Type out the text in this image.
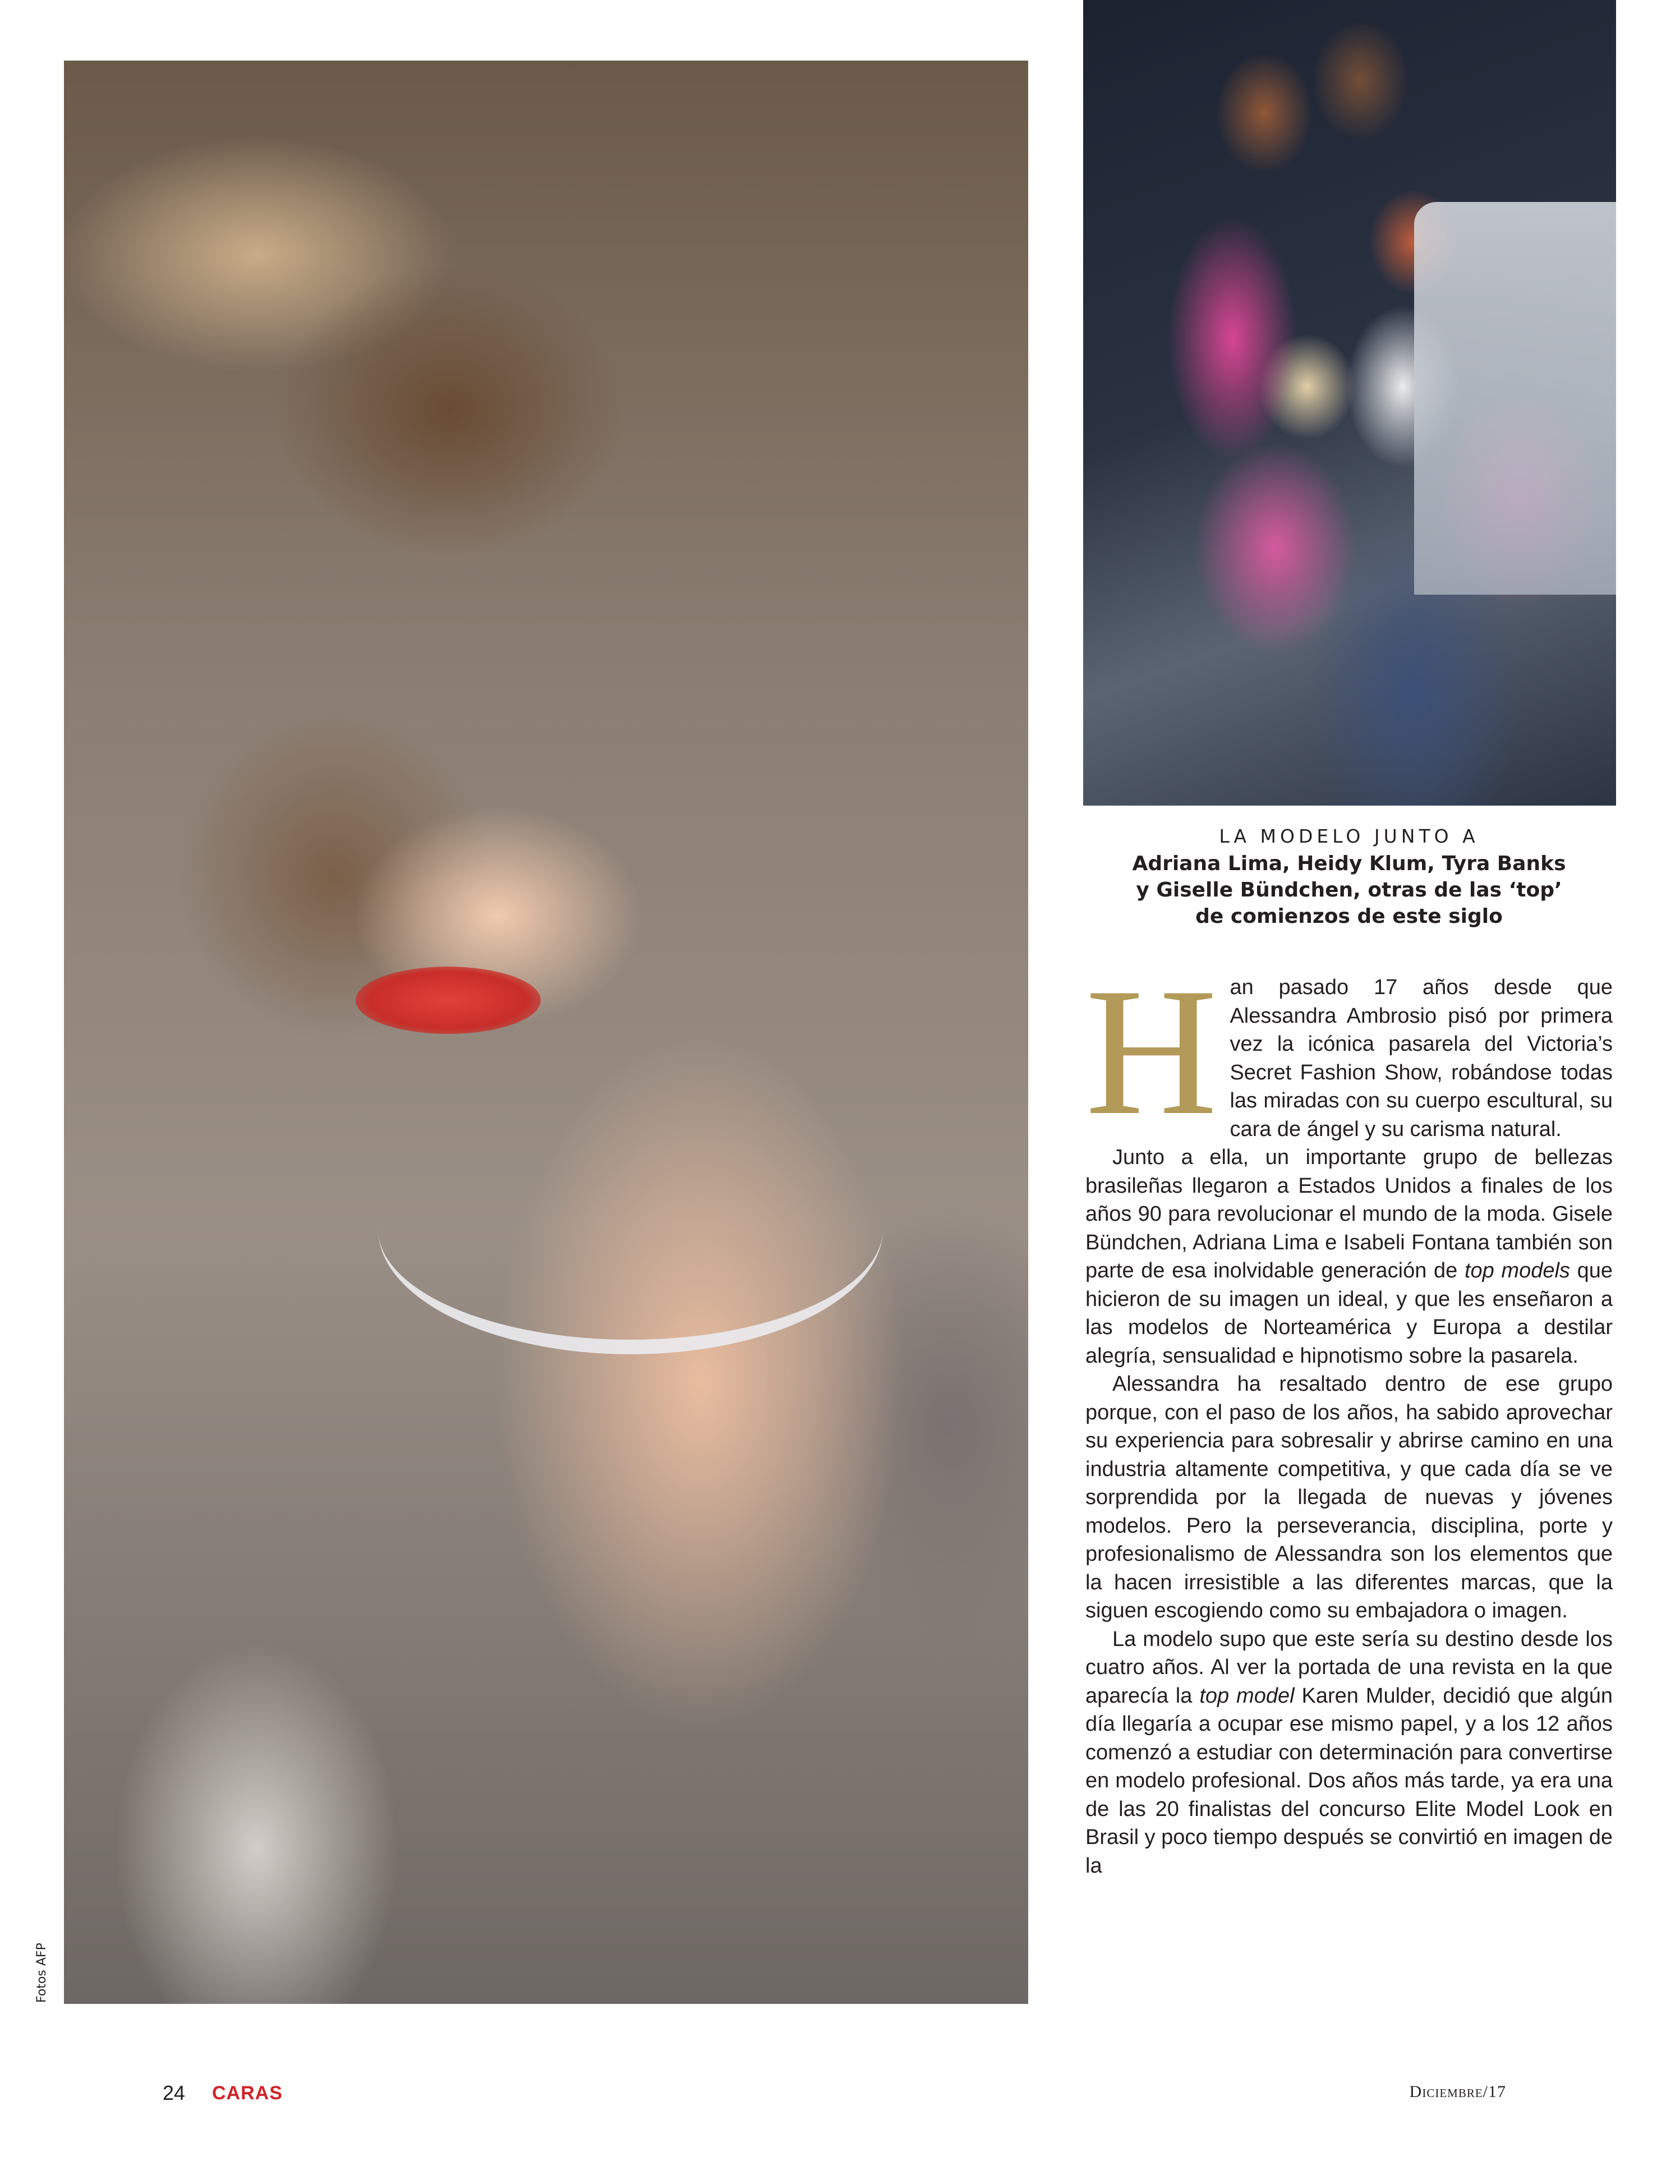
Fotos AFP
LA MODELO JUNTO A
Adriana Lima, Heidy Klum, Tyra Banks
y Giselle Bündchen, otras de las ‘top’
de comienzos de este siglo

Han pasado 17 años desde que Alessandra Ambrosio pisó por primera vez la icónica pasarela del Victoria’s Secret Fashion Show, robándose todas las miradas con su cuerpo escultural, su cara de ángel y su carisma natural.

Junto a ella, un importante grupo de bellezas brasileñas llegaron a Estados Unidos a finales de los años 90 para revolucionar el mundo de la moda. Gisele Bündchen, Adriana Lima e Isabeli Fontana también son parte de esa inolvidable generación de top models que hicieron de su imagen un ideal, y que les enseñaron a las modelos de Norteamérica y Europa a destilar alegría, sensualidad e hipnotismo sobre la pasarela.

Alessandra ha resaltado dentro de ese grupo porque, con el paso de los años, ha sabido aprovechar su experiencia para sobresalir y abrirse camino en una industria altamente competitiva, y que cada día se ve sorprendida por la llegada de nuevas y jóvenes modelos. Pero la perseverancia, disciplina, porte y profesionalismo de Alessandra son los elementos que la hacen irresistible a las diferentes marcas, que la siguen escogiendo como su embajadora o imagen.

La modelo supo que este sería su destino desde los cuatro años. Al ver la portada de una revista en la que aparecía la top model Karen Mulder, decidió que algún día llegaría a ocupar ese mismo papel, y a los 12 años comenzó a estudiar con determinación para convertirse en modelo profesional. Dos años más tarde, ya era una de las 20 finalistas del concurso Elite Model Look en Brasil y poco tiempo después se convirtió en imagen de la

24 CARAS	Diciembre/17
